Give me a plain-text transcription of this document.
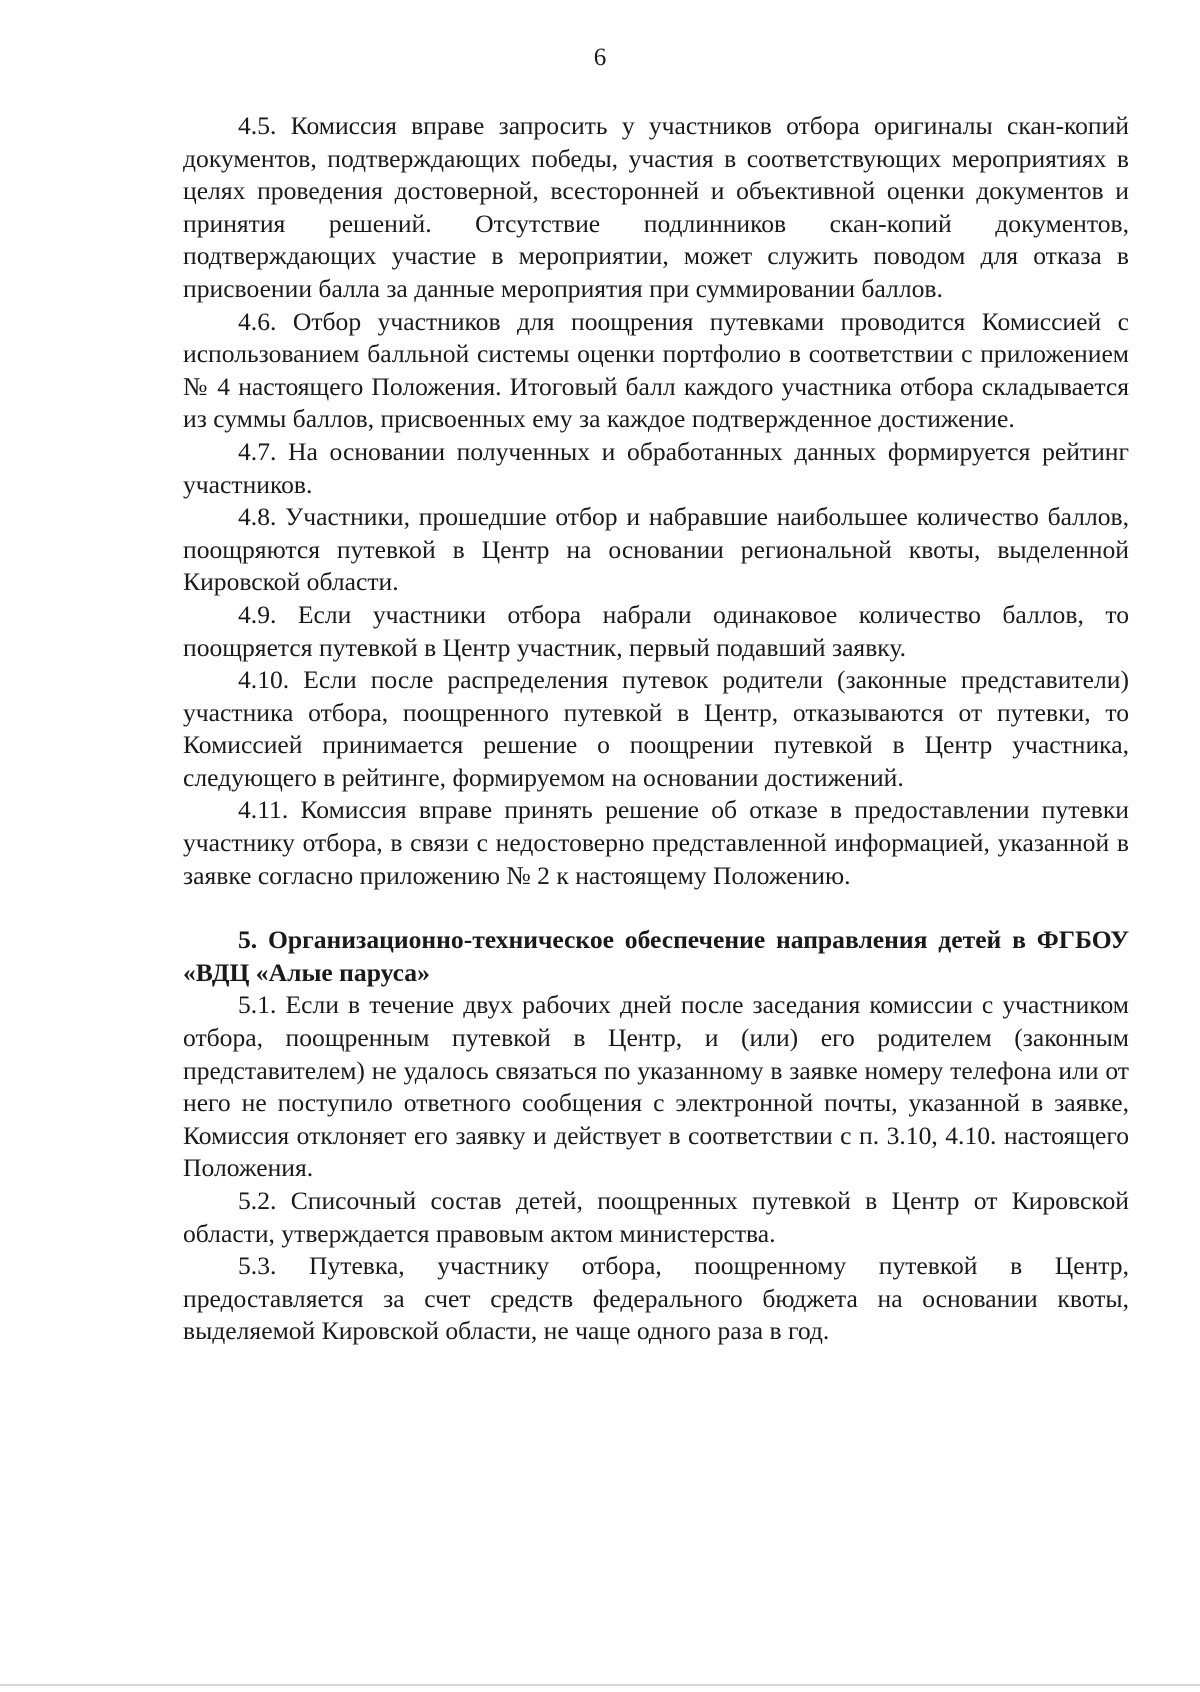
6

4.5. Комиссия вправе запросить у участников отбора оригиналы скан-копий документов, подтверждающих победы, участия в соответствующих мероприятиях в целях проведения достоверной, всесторонней и объективной оценки документов и принятия решений. Отсутствие подлинников скан-копий документов, подтверждающих участие в мероприятии, может служить поводом для отказа в присвоении балла за данные мероприятия при суммировании баллов.

4.6. Отбор участников для поощрения путевками проводится Комиссией с использованием балльной системы оценки портфолио в соответствии с приложением № 4 настоящего Положения. Итоговый балл каждого участника отбора складывается из суммы баллов, присвоенных ему за каждое подтвержденное достижение.

4.7. На основании полученных и обработанных данных формируется рейтинг участников.

4.8. Участники, прошедшие отбор и набравшие наибольшее количество баллов, поощряются путевкой в Центр на основании региональной квоты, выделенной Кировской области.

4.9. Если участники отбора набрали одинаковое количество баллов, то поощряется путевкой в Центр участник, первый подавший заявку.

4.10. Если после распределения путевок родители (законные представители) участника отбора, поощренного путевкой в Центр, отказываются от путевки, то Комиссией принимается решение о поощрении путевкой в Центр участника, следующего в рейтинге, формируемом на основании достижений.

4.11. Комиссия вправе принять решение об отказе в предоставлении путевки участнику отбора, в связи с недостоверно представленной информацией, указанной в заявке согласно приложению № 2 к настоящему Положению.

5. Организационно-техническое обеспечение направления детей в ФГБОУ «ВДЦ «Алые паруса»

5.1. Если в течение двух рабочих дней после заседания комиссии с участником отбора, поощренным путевкой в Центр, и (или) его родителем (законным представителем) не удалось связаться по указанному в заявке номеру телефона или от него не поступило ответного сообщения с электронной почты, указанной в заявке, Комиссия отклоняет его заявку и действует в соответствии с п. 3.10, 4.10. настоящего Положения.

5.2. Списочный состав детей, поощренных путевкой в Центр от Кировской области, утверждается правовым актом министерства.

5.3. Путевка, участнику отбора, поощренному путевкой в Центр, предоставляется за счет средств федерального бюджета на основании квоты, выделяемой Кировской области, не чаще одного раза в год.
